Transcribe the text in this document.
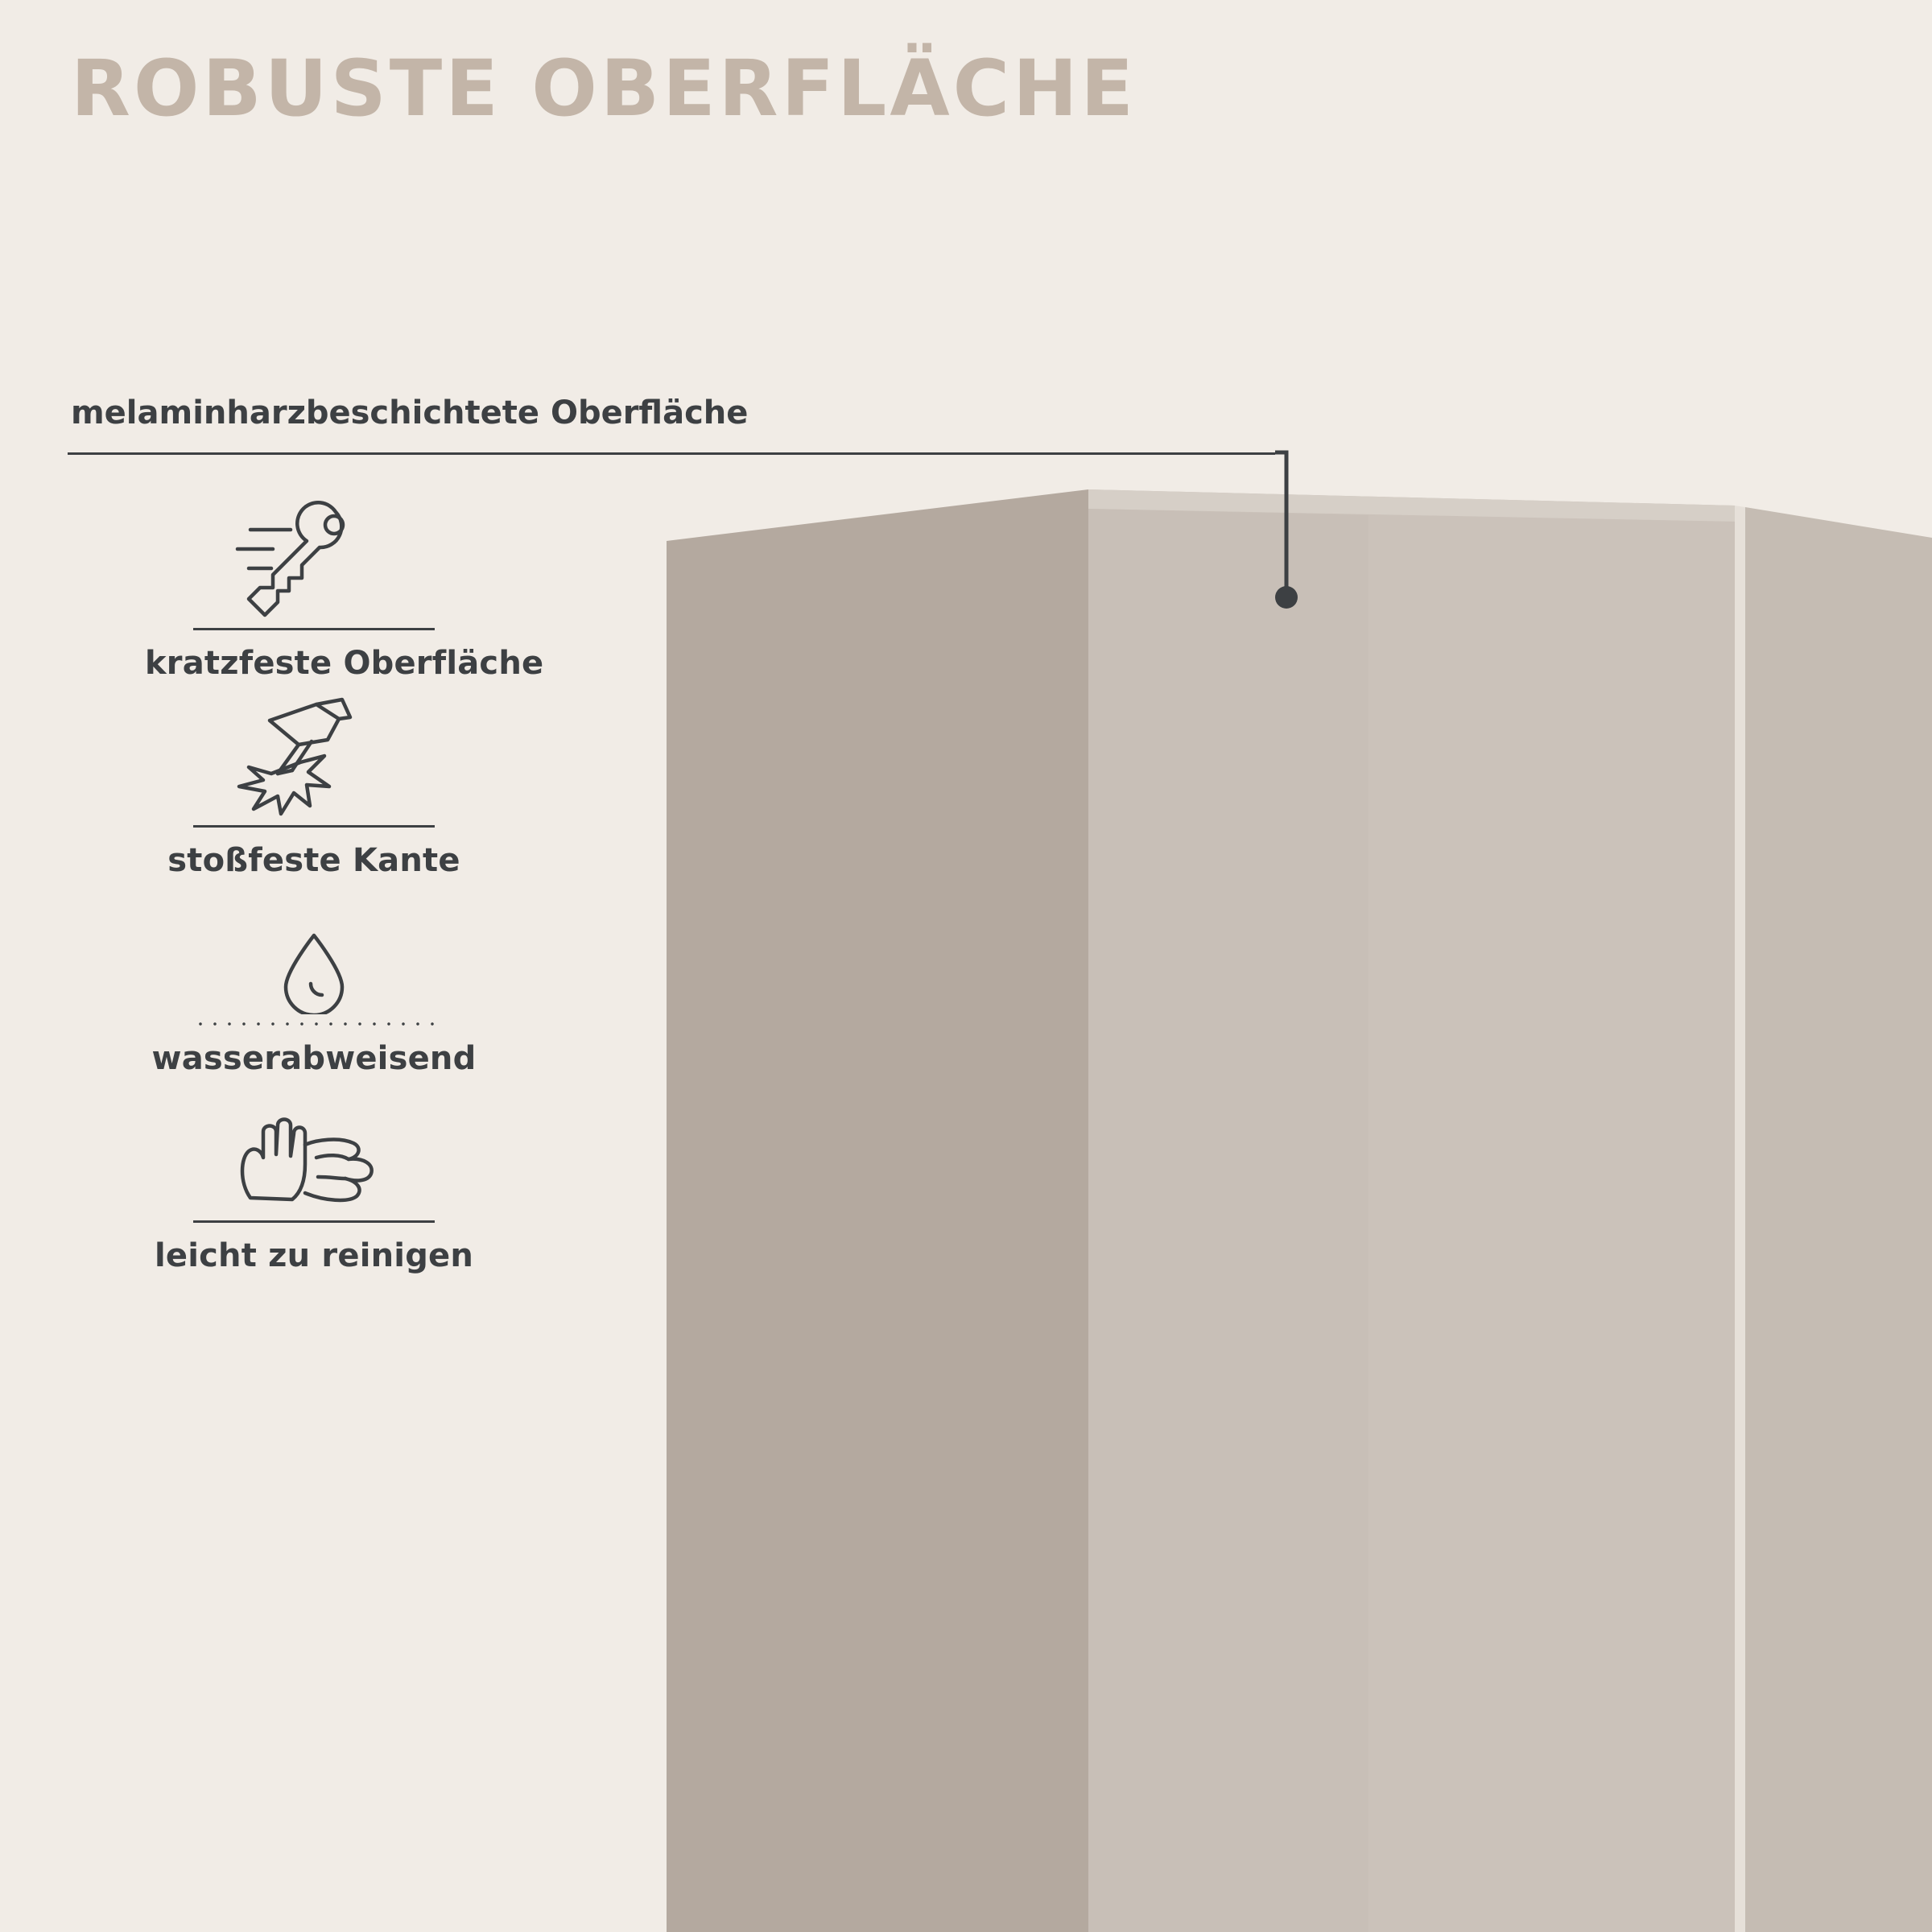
ROBUSTE OBERFLÄCHE
melaminharzbeschichtete Oberfläche
kratzfeste Oberfläche
stoßfeste Kante
wasserabweisend
leicht zu reinigen
